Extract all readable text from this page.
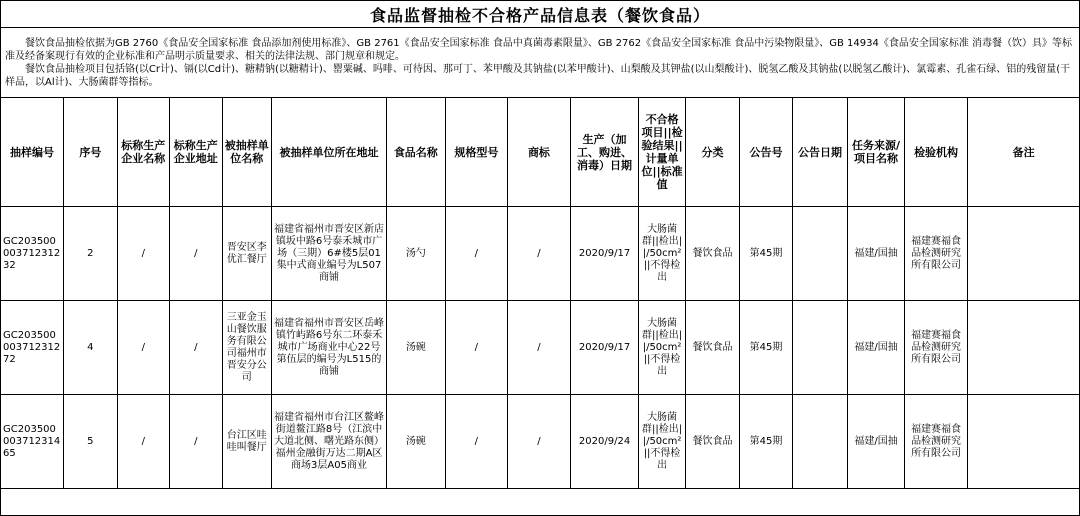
食品监督抽检不合格产品信息表（餐饮食品）

　　餐饮食品抽检依据为GB 2760《食品安全国家标准 食品添加剂使用标准》、GB 2761《食品安全国家标准 食品中真菌毒素限量》、GB 2762《食品安全国家标准 食品中污染物限量》、GB 14934《食品安全国家标准 消毒餐（饮）具》等标准及经备案现行有效的企业标准和产品明示质量要求、相关的法律法规、部门规章和规定。

　　餐饮食品抽检项目包括铬(以Cr计)、镉(以Cd计)、糖精钠(以糖精计)、罂粟碱、吗啡、可待因、那可丁、苯甲酸及其钠盐(以苯甲酸计)、山梨酸及其钾盐(以山梨酸计)、脱氢乙酸及其钠盐(以脱氢乙酸计)、氯霉素、孔雀石绿、铝的残留量(干样品，以Al计)、大肠菌群等指标。

抽样编号	序号	标称生产企业名称	标称生产企业地址	被抽样单位名称	被抽样单位所在地址	食品名称	规格型号	商标	生产（加工、购进、消毒）日期	不合格项目||检验结果||计量单位||标准值	分类	公告号	公告日期	任务来源/项目名称	检验机构	备注
GC20350000371231232	2	/	/	晋安区李优汇餐厅	福建省福州市晋安区新店镇坂中路6号泰禾城市广场（三期）6#楼5层01集中式商业编号为L507商铺	汤勺	/	/	2020/9/17	大肠菌群||检出||/50cm²||不得检出	餐饮食品	第45期		福建/国抽	福建赛福食品检测研究所有限公司	
GC20350000371231272	4	/	/	三亚金玉山餐饮服务有限公司福州市晋安分公司	福建省福州市晋安区岳峰镇竹屿路6号东二环泰禾城市广场商业中心22号第伍层的编号为L515的商铺	汤碗	/	/	2020/9/17	大肠菌群||检出||/50cm²||不得检出	餐饮食品	第45期		福建/国抽	福建赛福食品检测研究所有限公司	
GC20350000371231465	5	/	/	台江区哇哇叫餐厅	福建省福州市台江区鳌峰街道鳌江路8号（江滨中大道北侧、曙光路东侧）福州金融街万达二期A区商场3层A05商业	汤碗	/	/	2020/9/24	大肠菌群||检出||/50cm²||不得检出	餐饮食品	第45期		福建/国抽	福建赛福食品检测研究所有限公司	
